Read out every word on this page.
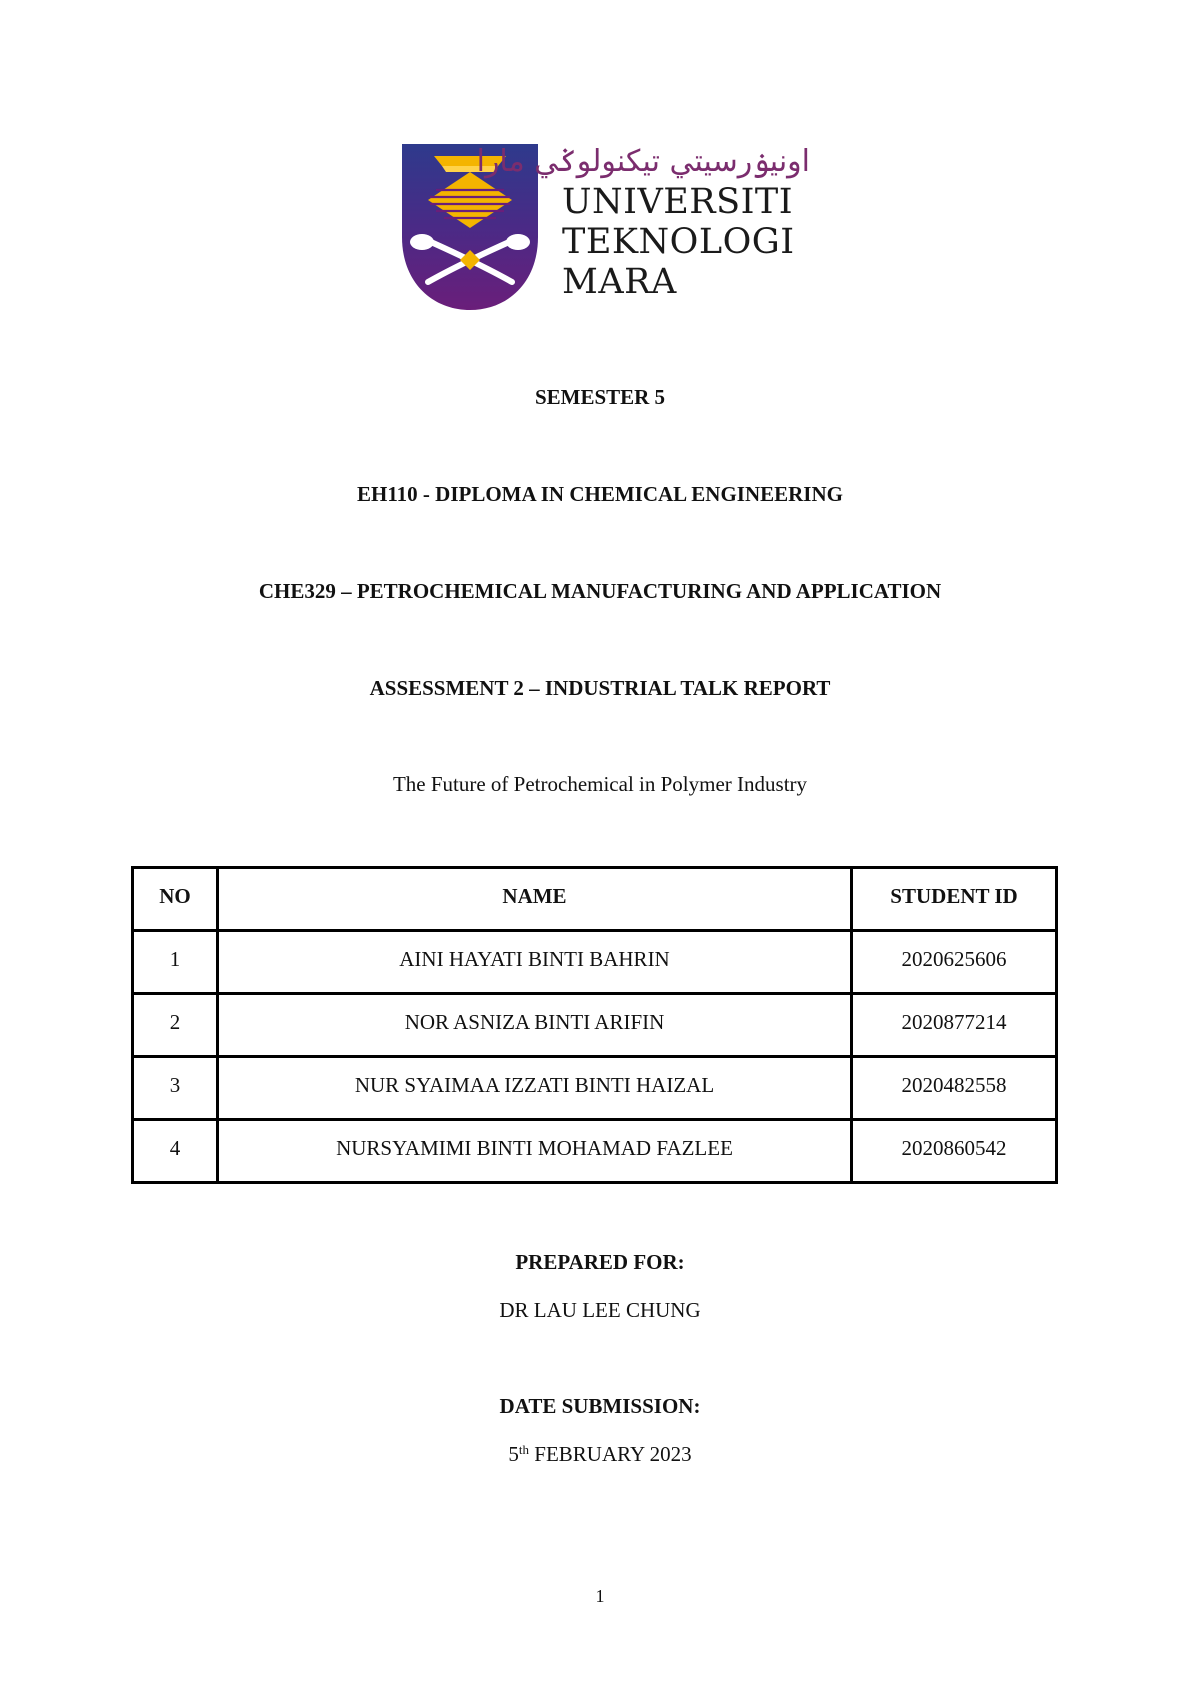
اونيۏرسيتي تيكنولوݢي مارا
UNIVERSITI
TEKNOLOGI
MARA
SEMESTER 5
EH110 - DIPLOMA IN CHEMICAL ENGINEERING
CHE329 – PETROCHEMICAL MANUFACTURING AND APPLICATION
ASSESSMENT 2 – INDUSTRIAL TALK REPORT
The Future of Petrochemical in Polymer Industry
NO	NAME	STUDENT ID

1	AINI HAYATI BINTI BAHRIN	2020625606

2	NOR ASNIZA BINTI ARIFIN	2020877214

3	NUR SYAIMAA IZZATI BINTI HAIZAL	2020482558

4	NURSYAMIMI BINTI MOHAMAD FAZLEE	2020860542
PREPARED FOR:
DR LAU LEE CHUNG
DATE SUBMISSION:
5th FEBRUARY 2023
1
